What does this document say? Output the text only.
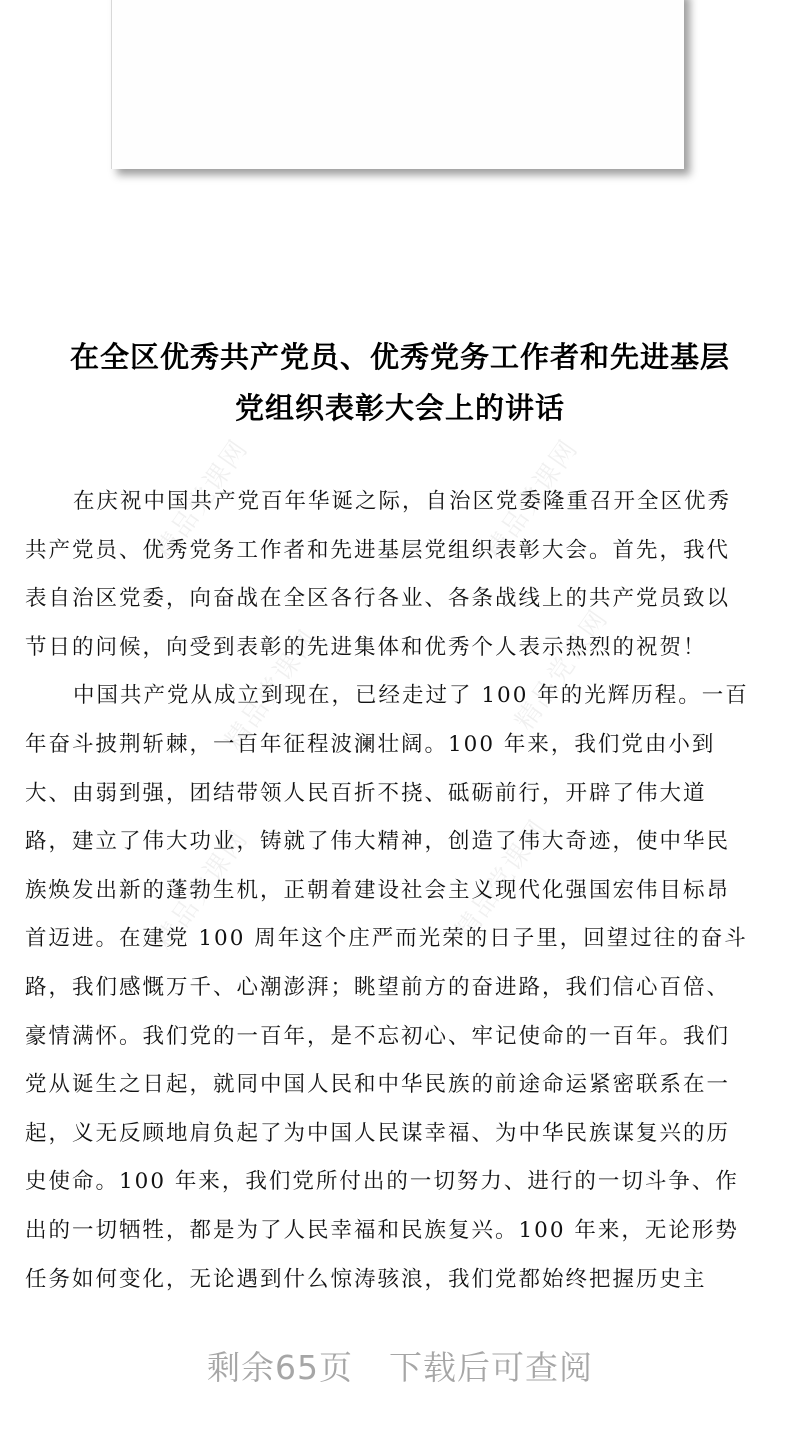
在全区优秀共产党员、优秀党务工作者和先进基层
党组织表彰大会上的讲话
在庆祝中国共产党百年华诞之际，自治区党委隆重召开全区优秀
共产党员、优秀党务工作者和先进基层党组织表彰大会。首先，我代
表自治区党委，向奋战在全区各行各业、各条战线上的共产党员致以
节日的问候，向受到表彰的先进集体和优秀个人表示热烈的祝贺！
中国共产党从成立到现在，已经走过了 100 年的光辉历程。一百
年奋斗披荆斩棘，一百年征程波澜壮阔。100 年来，我们党由小到
大、由弱到强，团结带领人民百折不挠、砥砺前行，开辟了伟大道
路，建立了伟大功业，铸就了伟大精神，创造了伟大奇迹，使中华民
族焕发出新的蓬勃生机，正朝着建设社会主义现代化强国宏伟目标昂
首迈进。在建党 100 周年这个庄严而光荣的日子里，回望过往的奋斗
路，我们感慨万千、心潮澎湃；眺望前方的奋进路，我们信心百倍、
豪情满怀。我们党的一百年，是不忘初心、牢记使命的一百年。我们
党从诞生之日起，就同中国人民和中华民族的前途命运紧密联系在一
起，义无反顾地肩负起了为中国人民谋幸福、为中华民族谋复兴的历
史使命。100 年来，我们党所付出的一切努力、进行的一切斗争、作
出的一切牺牲，都是为了人民幸福和民族复兴。100 年来，无论形势
任务如何变化，无论遇到什么惊涛骇浪，我们党都始终把握历史主
精品党课网	精品党课网
精品党课网	精品党课网
精品党课网	精品党课网
剩余65页 下载后可查阅
